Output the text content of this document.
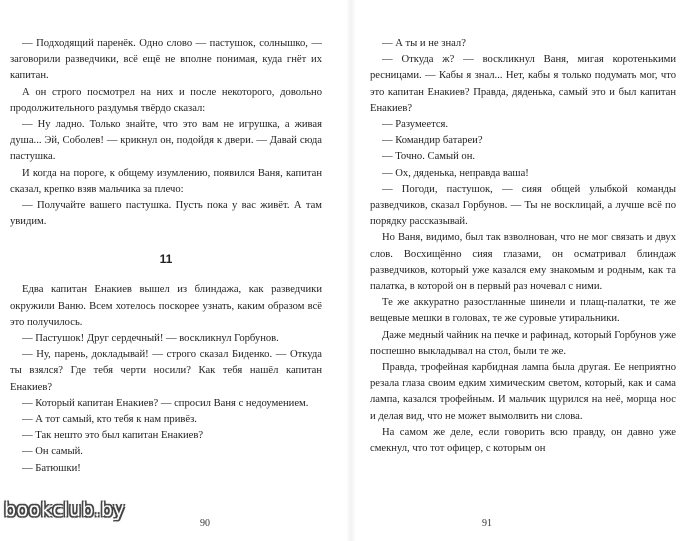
— Подходящий паренёк. Одно слово — пастушок, солнышко, — заговорили разведчики, всё ещё не вполне понимая, куда гнёт их капитан.

А он строго посмотрел на них и после некоторого, довольно продолжительного раздумья твёрдо сказал:

— Ну ладно. Только знайте, что это вам не игрушка, а живая душа... Эй, Соболев! — крикнул он, подойдя к двери. — Давай сюда пастушка.

И когда на пороге, к общему изумлению, появился Ваня, капитан сказал, крепко взяв мальчика за плечо:

— Получайте вашего пастушка. Пусть пока у вас живёт. А там увидим.

11

Едва капитан Енакиев вышел из блиндажа, как разведчики окружили Ваню. Всем хотелось поскорее узнать, каким образом всё это получилось.

— Пастушок! Друг сердечный! — воскликнул Горбунов.

— Ну, парень, докладывай! — строго сказал Биденко. — Откуда ты взялся? Где тебя черти носили? Как тебя нашёл капитан Енакиев?

— Который капитан Енакиев? — спросил Ваня с недоумением.

— А тот самый, кто тебя к нам привёз.

— Так нешто это был капитан Енакиев?

— Он самый.

— Батюшки!

— А ты и не знал?

— Откуда ж? — воскликнул Ваня, мигая коротенькими ресницами. — Кабы я знал... Нет, кабы я только подумать мог, что это капитан Енакиев? Правда, дяденька, самый это и был капитан Енакиев?

— Разумеется.

— Командир батареи?

— Точно. Самый он.

— Ох, дяденька, неправда ваша!

— Погоди, пастушок, — сияя общей улыбкой команды разведчиков, сказал Горбунов. — Ты не восклицай, а лучше всё по порядку рассказывай.

Но Ваня, видимо, был так взволнован, что не мог связать и двух слов. Восхищённо сияя глазами, он осматривал блиндаж разведчиков, который уже казался ему знакомым и родным, как та палатка, в которой он в первый раз ночевал с ними.

Те же аккуратно разостланные шинели и плащ-палатки, те же вещевые мешки в головах, те же суровые утиральники.

Даже медный чайник на печке и рафинад, который Горбунов уже поспешно выкладывал на стол, были те же.

Правда, трофейная карбидная лампа была другая. Ее неприятно резала глаза своим едким химическим светом, который, как и сама лампа, казался трофейным. И мальчик щурился на неё, морща нос и делая вид, что не может вымолвить ни слова.

На самом же деле, если говорить всю правду, он давно уже смекнул, что тот офицер, с которым он

90	91
bookclub.by
